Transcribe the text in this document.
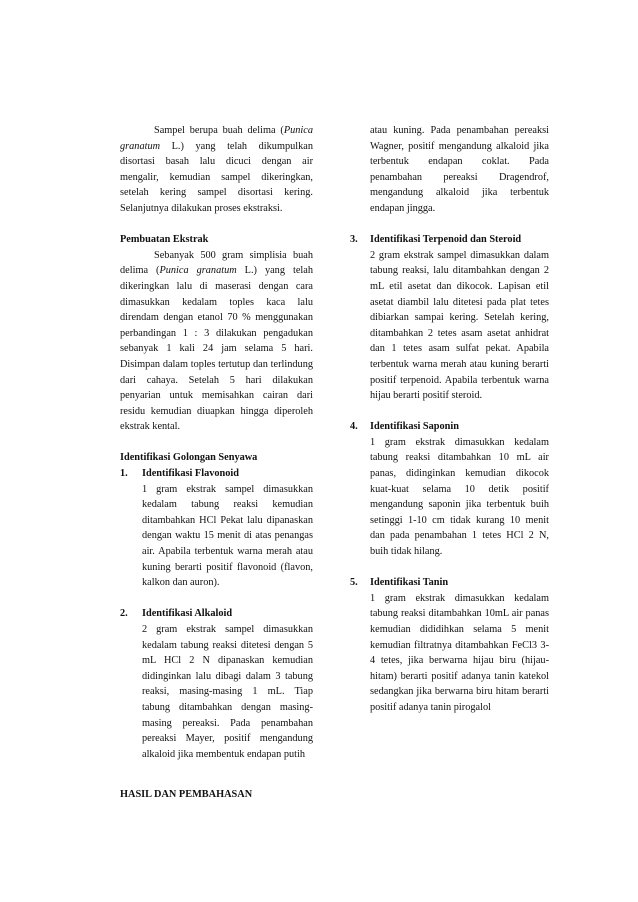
Sampel berupa buah delima (Punica granatum L.) yang telah dikumpulkan disortasi basah lalu dicuci dengan air mengalir, kemudian sampel dikeringkan, setelah kering sampel disortasi kering. Selanjutnya dilakukan proses ekstraksi.

Pembuatan Ekstrak

Sebanyak 500 gram simplisia buah delima (Punica granatum L.) yang telah dikeringkan lalu di maserasi dengan cara dimasukkan kedalam toples kaca lalu direndam dengan etanol 70 % menggunakan perbandingan 1 : 3 dilakukan pengadukan sebanyak 1 kali 24 jam selama 5 hari. Disimpan dalam toples tertutup dan terlindung dari cahaya. Setelah 5 hari dilakukan penyarian untuk memisahkan cairan dari residu kemudian diuapkan hingga diperoleh ekstrak kental.

Identifikasi Golongan Senyawa

1.	Identifikasi Flavonoid

1 gram ekstrak sampel dimasukkan kedalam tabung reaksi kemudian ditambahkan HCl Pekat lalu dipanaskan dengan waktu 15 menit di atas penangas air. Apabila terbentuk warna merah atau kuning berarti positif flavonoid (flavon, kalkon dan auron).

2.	Identifikasi Alkaloid

2 gram ekstrak sampel dimasukkan kedalam tabung reaksi ditetesi dengan 5 mL HCl 2 N dipanaskan kemudian didinginkan lalu dibagi dalam 3 tabung reaksi, masing-masing 1 mL. Tiap tabung ditambahkan dengan masing-masing pereaksi. Pada penambahan pereaksi Mayer, positif mengandung alkaloid jika membentuk endapan putih

atau kuning. Pada penambahan pereaksi Wagner, positif mengandung alkaloid jika terbentuk endapan coklat. Pada penambahan pereaksi Dragendrof, mengandung alkaloid jika terbentuk endapan jingga.

3.	Identifikasi Terpenoid dan Steroid

2 gram ekstrak sampel dimasukkan dalam tabung reaksi, lalu ditambahkan dengan 2 mL etil asetat dan dikocok. Lapisan etil asetat diambil lalu ditetesi pada plat tetes dibiarkan sampai kering. Setelah kering, ditambahkan 2 tetes asam asetat anhidrat dan 1 tetes asam sulfat pekat. Apabila terbentuk warna merah atau kuning berarti positif terpenoid. Apabila terbentuk warna hijau berarti positif steroid.

4.	Identifikasi Saponin

1 gram ekstrak dimasukkan kedalam tabung reaksi ditambahkan 10 mL air panas, didinginkan kemudian dikocok kuat-kuat selama 10 detik positif mengandung saponin jika terbentuk buih setinggi 1-10 cm tidak kurang 10 menit dan pada penambahan 1 tetes HCl 2 N, buih tidak hilang.

5.	Identifikasi Tanin

1 gram ekstrak dimasukkan kedalam tabung reaksi ditambahkan 10mL air panas kemudian dididihkan selama 5 menit kemudian filtratnya ditambahkan FeCl3 3-4 tetes, jika berwarna hijau biru (hijau-hitam) berarti positif adanya tanin katekol sedangkan jika berwarna biru hitam berarti positif adanya tanin pirogalol

HASIL DAN PEMBAHASAN
